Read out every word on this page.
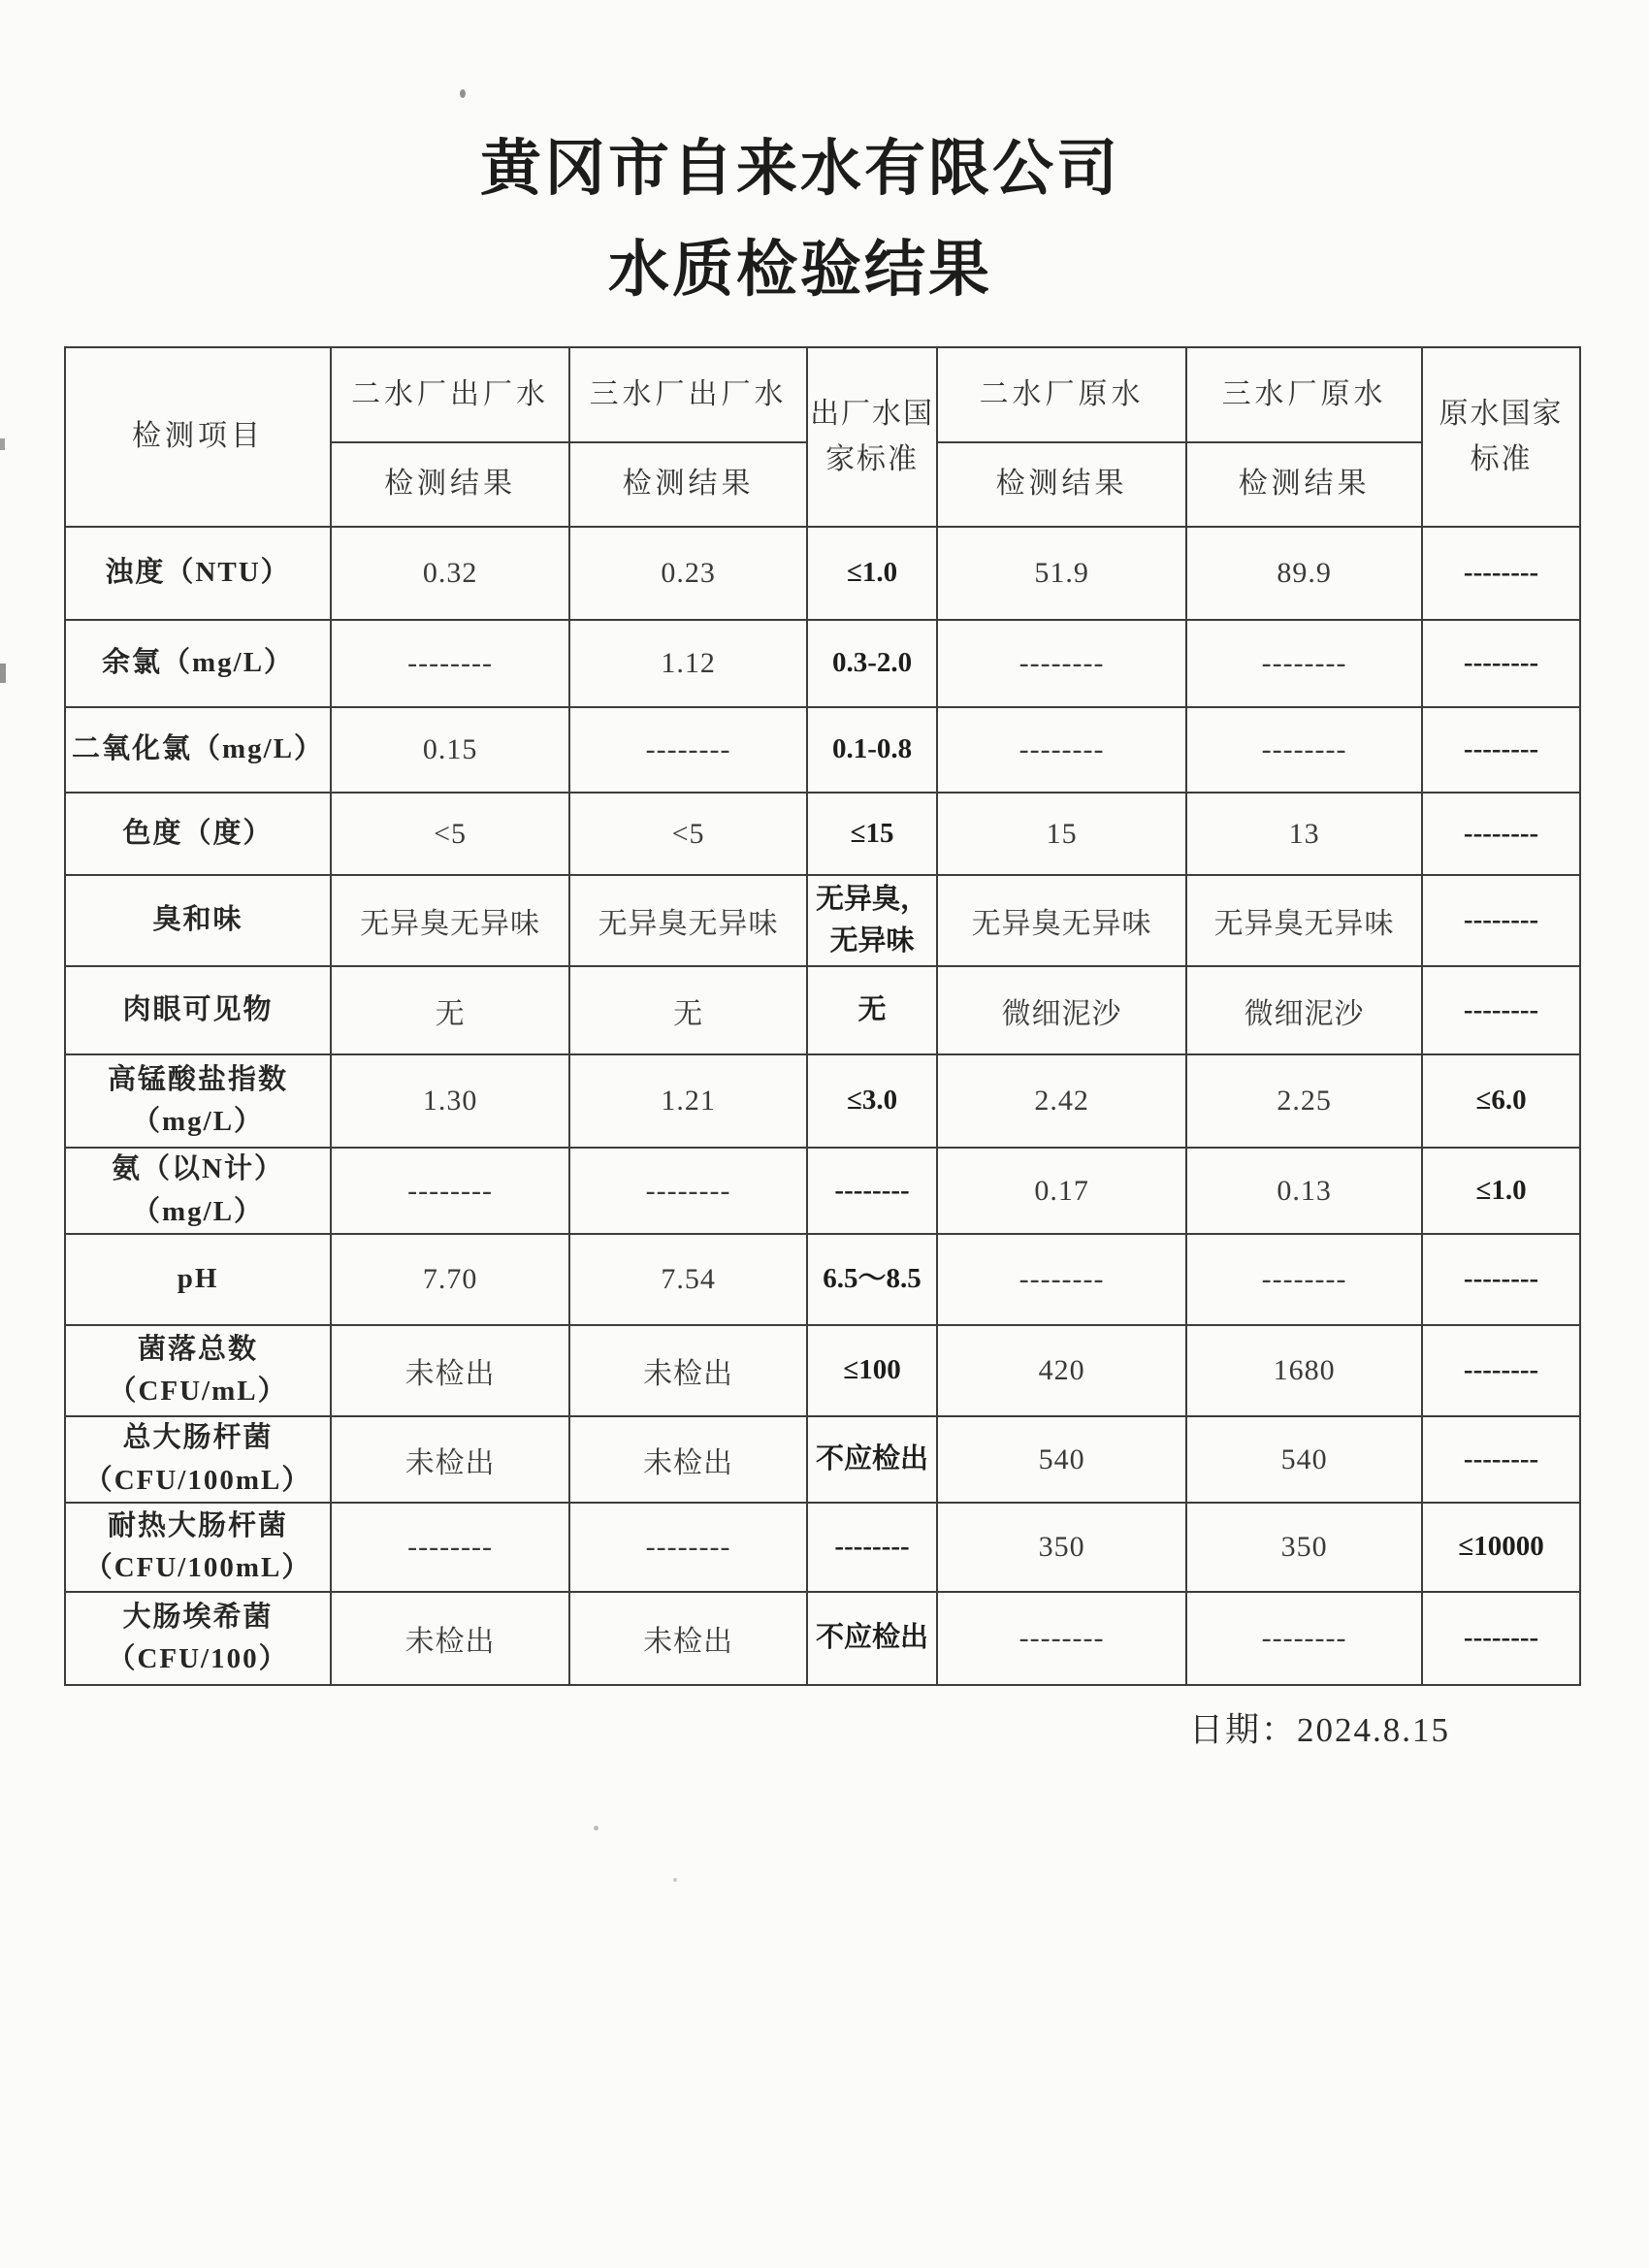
黄冈市自来水有限公司
水质检验结果
检测项目	二水厂出厂水	三水厂出厂水	出厂水国家标准	二水厂原水	三水厂原水	原水国家标准
	检测结果	检测结果		检测结果	检测结果	

浊度（NTU）	0.32	0.23	≤1.0	51.9	89.9	--------

余氯（mg/L）	--------	1.12	0.3-2.0	--------	--------	--------

二氧化氯（mg/L）	0.15	--------	0.1-0.8	--------	--------	--------

色度（度）	<5	<5	≤15	15	13	--------

臭和味	无异臭无异味	无异臭无异味	无异臭，
无异味	无异臭无异味	无异臭无异味	--------

肉眼可见物	无	无	无	微细泥沙	微细泥沙	--------

高锰酸盐指数
（mg/L）	1.30	1.21	≤3.0	2.42	2.25	≤6.0

氨（以N计）
（mg/L）	--------	--------	--------	0.17	0.13	≤1.0

pH	7.70	7.54	6.5～8.5	--------	--------	--------

菌落总数
（CFU/mL）	未检出	未检出	≤100	420	1680	--------

总大肠杆菌
（CFU/100mL）	未检出	未检出	不应检出	540	540	--------

耐热大肠杆菌
（CFU/100mL）	--------	--------	--------	350	350	≤10000

大肠埃希菌
（CFU/100）	未检出	未检出	不应检出	--------	--------	--------
日期：2024.8.15
